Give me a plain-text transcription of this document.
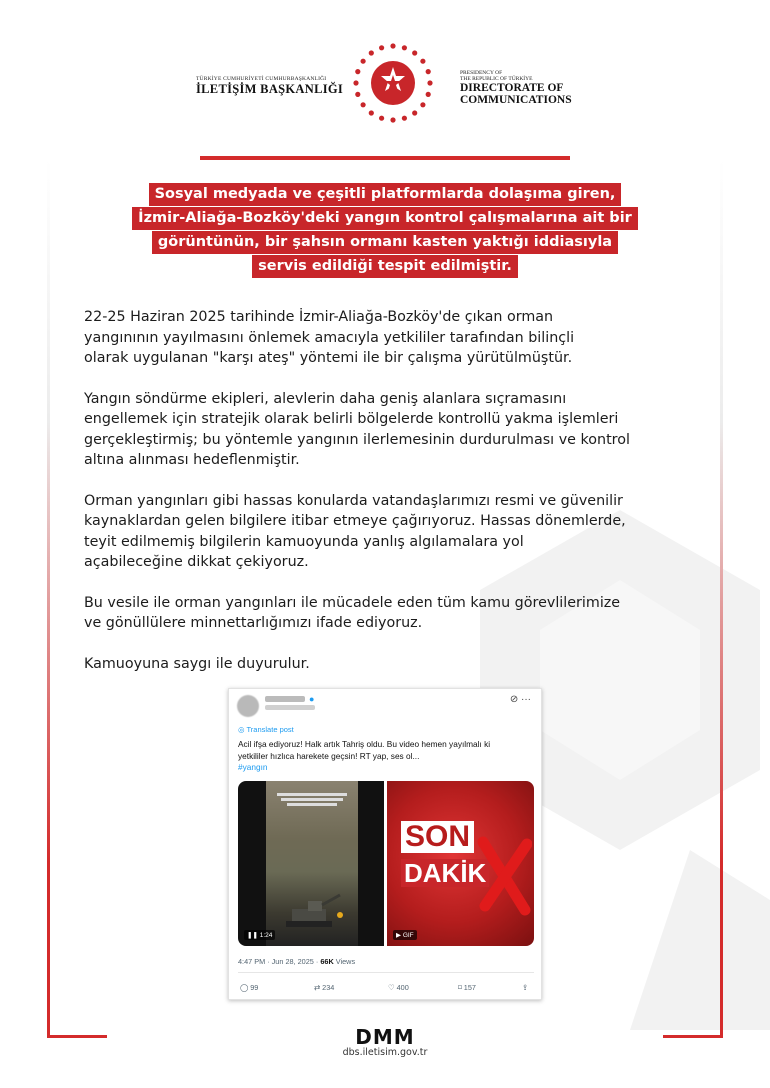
TÜRKİYE CUMHURİYETİ CUMHURBAŞKANLIĞI
İLETİŞİM BAŞKANLIĞI
PRESIDENCY OF
THE REPUBLIC OF TÜRKİYE
DIRECTORATE OF
COMMUNICATIONS
Sosyal medyada ve çeşitli platformlarda dolaşıma giren,
İzmir-Aliağa-Bozköy'deki yangın kontrol çalışmalarına ait bir
görüntünün, bir şahsın ormanı kasten yaktığı iddiasıyla
servis edildiği tespit edilmiştir.

22-25 Haziran 2025 tarihinde İzmir-Aliağa-Bozköy'de çıkan orman
yangınının yayılmasını önlemek amacıyla yetkililer tarafından bilinçli
olarak uygulanan "karşı ateş" yöntemi ile bir çalışma yürütülmüştür.

Yangın söndürme ekipleri, alevlerin daha geniş alanlara sıçramasını
engellemek için stratejik olarak belirli bölgelerde kontrollü yakma işlemleri
gerçekleştirmiş; bu yöntemle yangının ilerlemesinin durdurulması ve kontrol
altına alınması hedeflenmiştir.

Orman yangınları gibi hassas konularda vatandaşlarımızı resmi ve güvenilir
kaynaklardan gelen bilgilere itibar etmeye çağırıyoruz. Hassas dönemlerde,
teyit edilmemiş bilgilerin kamuoyunda yanlış algılamalara yol
açabileceğine dikkat çekiyoruz.

Bu vesile ile orman yangınları ile mücadele eden tüm kamu görevlilerimize
ve gönüllülere minnettarlığımızı ifade ediyoruz.

Kamuoyuna saygı ile duyurulur.

●	⊘ ···
◎ Translate post
Acil ifşa ediyoruz! Halk artık Tahriş oldu. Bu video hemen yayılmalı ki
yetkililer hızlıca harekete geçsin! RT yap, ses ol...
#yangın
❚❚ 1:24
SON
DAKİK
▶ GIF
4:47 PM · Jun 28, 2025 · 66K Views
◯ 99	⇄ 234	♡ 400	⌑ 157	⇪
DMM
dbs.iletisim.gov.tr
